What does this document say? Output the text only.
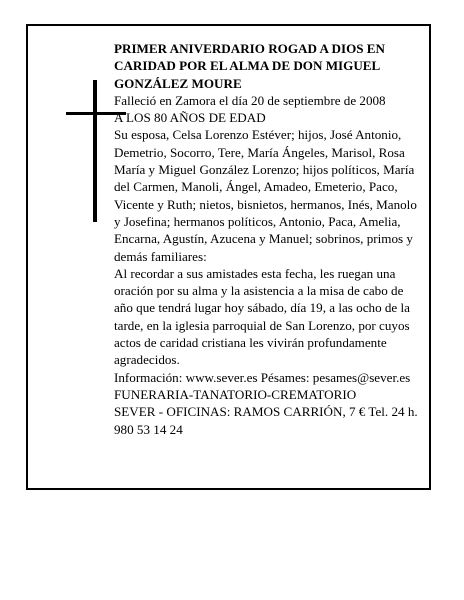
PRIMER ANIVERDARIO ROGAD A DIOS EN CARIDAD POR EL ALMA DE DON MIGUEL GONZÁLEZ MOURE

Falleció en Zamora el día 20 de septiembre de 2008

A LOS 80 AÑOS DE EDAD

Su esposa, Celsa Lorenzo Estéver; hijos, José Antonio, Demetrio, Socorro, Tere, María Ángeles, Marisol, Rosa María y Miguel González Lorenzo; hijos políticos, María del Carmen, Manoli, Ángel, Amadeo, Emeterio, Paco, Vicente y Ruth; nietos, bisnietos, hermanos, Inés, Manolo y Josefina; hermanos políticos, Antonio, Paca, Amelia, Encarna, Agustín, Azucena y Manuel; sobrinos, primos y demás familiares:

Al recordar a sus amistades esta fecha, les ruegan una oración por su alma y la asistencia a la misa de cabo de año que tendrá lugar hoy sábado, día 19, a las ocho de la tarde, en la iglesia parroquial de San Lorenzo, por cuyos actos de caridad cristiana les vivirán profundamente agradecidos.

Información: www.sever.es Pésames: pesames@sever.es

FUNERARIA-TANATORIO-CREMATORIO

SEVER - OFICINAS: RAMOS CARRIÓN, 7 € Tel. 24 h. 980 53 14 24
